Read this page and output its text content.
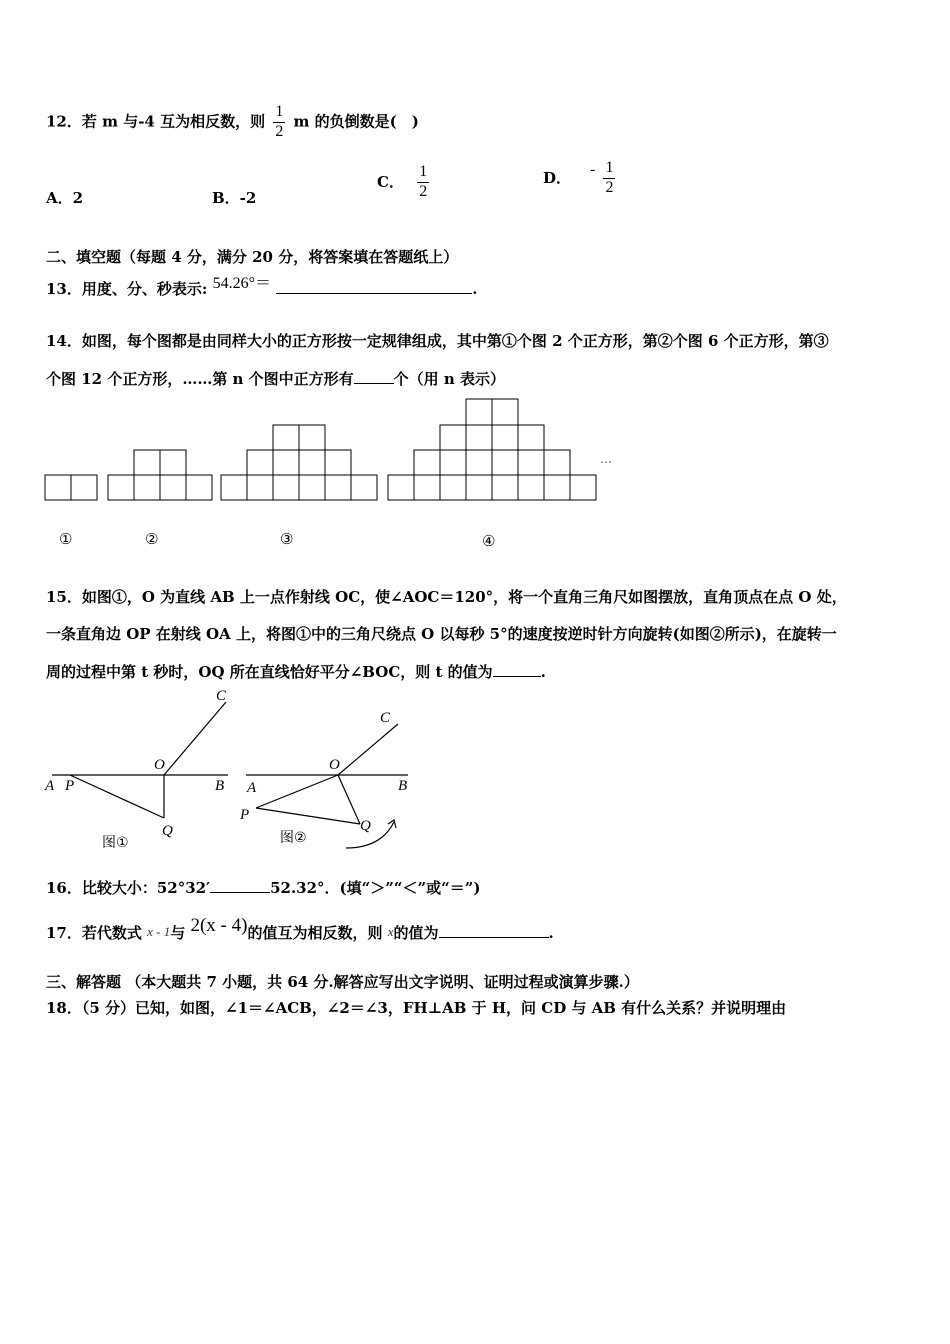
12．若 m 与-4 互为相反数，则 $\frac{1}{2}$ m 的负倒数是(　)
A．2	B．-2
C． $\frac{1}{2}$	D． - $\frac{1}{2}$
二、填空题（每题 4 分，满分 20 分，将答案填在答题纸上）
13．用度、分、秒表示: 54.26°＝	.
14．如图，每个图都是由同样大小的正方形按一定规律组成，其中第①个图 2 个正方形，第②个图 6 个正方形，第③
个图 12 个正方形，……第 n 个图中正方形有	个（用 n 表示）
…
①	②	③	④
15．如图①，O 为直线 AB 上一点作射线 OC，使∠AOC＝120°，将一个直角三角尺如图摆放，直角顶点在点 O 处，
一条直角边 OP 在射线 OA 上，将图①中的三角尺绕点 O 以每秒 5°的速度按逆时针方向旋转(如图②所示)，在旋转一
周的过程中第 t 秒时，OQ 所在直线恰好平分∠BOC，则 t 的值为	.
C
O
A P	B
Q
图①
C
O
A
P
B
Q
图②
16．比较大小：52°32′	52.32°．(填“＞”“＜”或“＝”)
17．若代数式 x - 1与 2(x - 4)的值互为相反数，则 x的值为	.
三、解答题 （本大题共 7 小题，共 64 分.解答应写出文字说明、证明过程或演算步骤.）
18．（5 分）已知，如图，∠1＝∠ACB，∠2＝∠3，FH⊥AB 于 H，问 CD 与 AB 有什么关系？并说明理由
